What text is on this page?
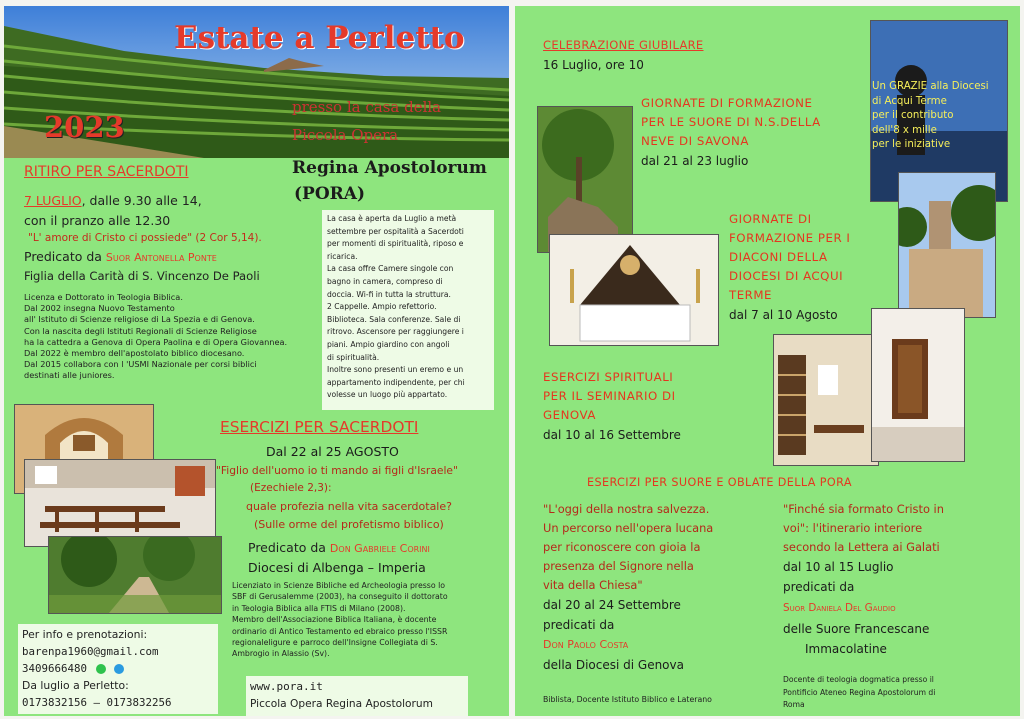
Estate a Perletto
2023
presso la casa della
Piccola Opera
Regina Apostolorum
(PORA)
RITIRO PER SACERDOTI
7 LUGLIO, dalle 9.30 alle 14,
con il pranzo alle 12.30
"L' amore di Cristo ci possiede" (2 Cor 5,14).
Predicato da Suor Antonella Ponte
Figlia della Carità di S. Vincenzo De Paoli
Licenza e Dottorato in Teologia Biblica.
Dal 2002 insegna Nuovo Testamento
all' Istituto di Scienze religiose di La Spezia e di Genova.
Con la nascita degli Istituti Regionali di Scienze Religiose
ha la cattedra a Genova di Opera Paolina e di Opera Giovannea.
Dal 2022 è membro dell'apostolato biblico diocesano.
Dal 2015 collabora con l 'USMI Nazionale per corsi biblici
destinati alle juniores.
La casa è aperta da Luglio a metà
settembre per ospitalità a Sacerdoti
per momenti di spiritualità, riposo e
ricarica.
La casa offre Camere singole con
bagno in camera, compreso di
doccia. Wi-fi in tutta la struttura.
2 Cappelle. Ampio refettorio.
Biblioteca. Sala conferenze. Sale di
ritrovo. Ascensore per raggiungere i
piani. Ampio giardino con angoli
di spiritualità.
Inoltre sono presenti un eremo e un
appartamento indipendente, per chi
volesse un luogo più appartato.
ESERCIZI PER SACERDOTI
Dal 22 al 25 AGOSTO
"Figlio dell'uomo io ti mando ai figli d'Israele"
(Ezechiele 2,3):
quale profezia nella vita sacerdotale?
(Sulle orme del profetismo biblico)
Predicato da Don Gabriele Corini
Diocesi di Albenga – Imperia
Licenziato in Scienze Bibliche ed Archeologia presso lo
SBF di Gerusalemme (2003), ha conseguito il dottorato
in Teologia Biblica alla FTIS di Milano (2008).
Membro dell'Associazione Biblica Italiana, è docente
ordinario di Antico Testamento ed ebraico presso l'ISSR
regionaleligure e parroco dell'Insigne Collegiata di S.
Ambrogio in Alassio (Sv).
Per info e prenotazioni:
barenpa1960@gmail.com
3409666480
Da luglio a Perletto:
0173832156 — 0173832256
www.pora.it
Piccola Opera Regina Apostolorum
CELEBRAZIONE GIUBILARE
16 Luglio, ore 10
Un GRAZIE alla Diocesi
di Acqui Terme
per il contributo
dell'8 x mille
per le iniziative
GIORNATE DI FORMAZIONE
PER LE SUORE DI N.S.DELLA
NEVE DI SAVONA
dal 21 al 23 luglio
GIORNATE DI
FORMAZIONE PER I
DIACONI DELLA
DIOCESI DI ACQUI
TERME
dal 7 al 10 Agosto
ESERCIZI SPIRITUALI
PER IL SEMINARIO DI
GENOVA
dal 10 al 16 Settembre
ESERCIZI PER SUORE E OBLATE DELLA PORA
"L'oggi della nostra salvezza.
Un percorso nell'opera lucana
per riconoscere con gioia la
presenza del Signore nella
vita della Chiesa"
dal 20 al 24 Settembre
predicati da
Don Paolo Costa
della Diocesi di Genova
Biblista, Docente Istituto Biblico e Laterano
"Finché sia formato Cristo in
voi": l'itinerario interiore
secondo la Lettera ai Galati
dal 10 al 15 Luglio
predicati da
Suor Daniela Del Gaudio
delle Suore Francescane
Immacolatine
Docente di teologia dogmatica presso il
Pontificio Ateneo Regina Apostolorum di
Roma
